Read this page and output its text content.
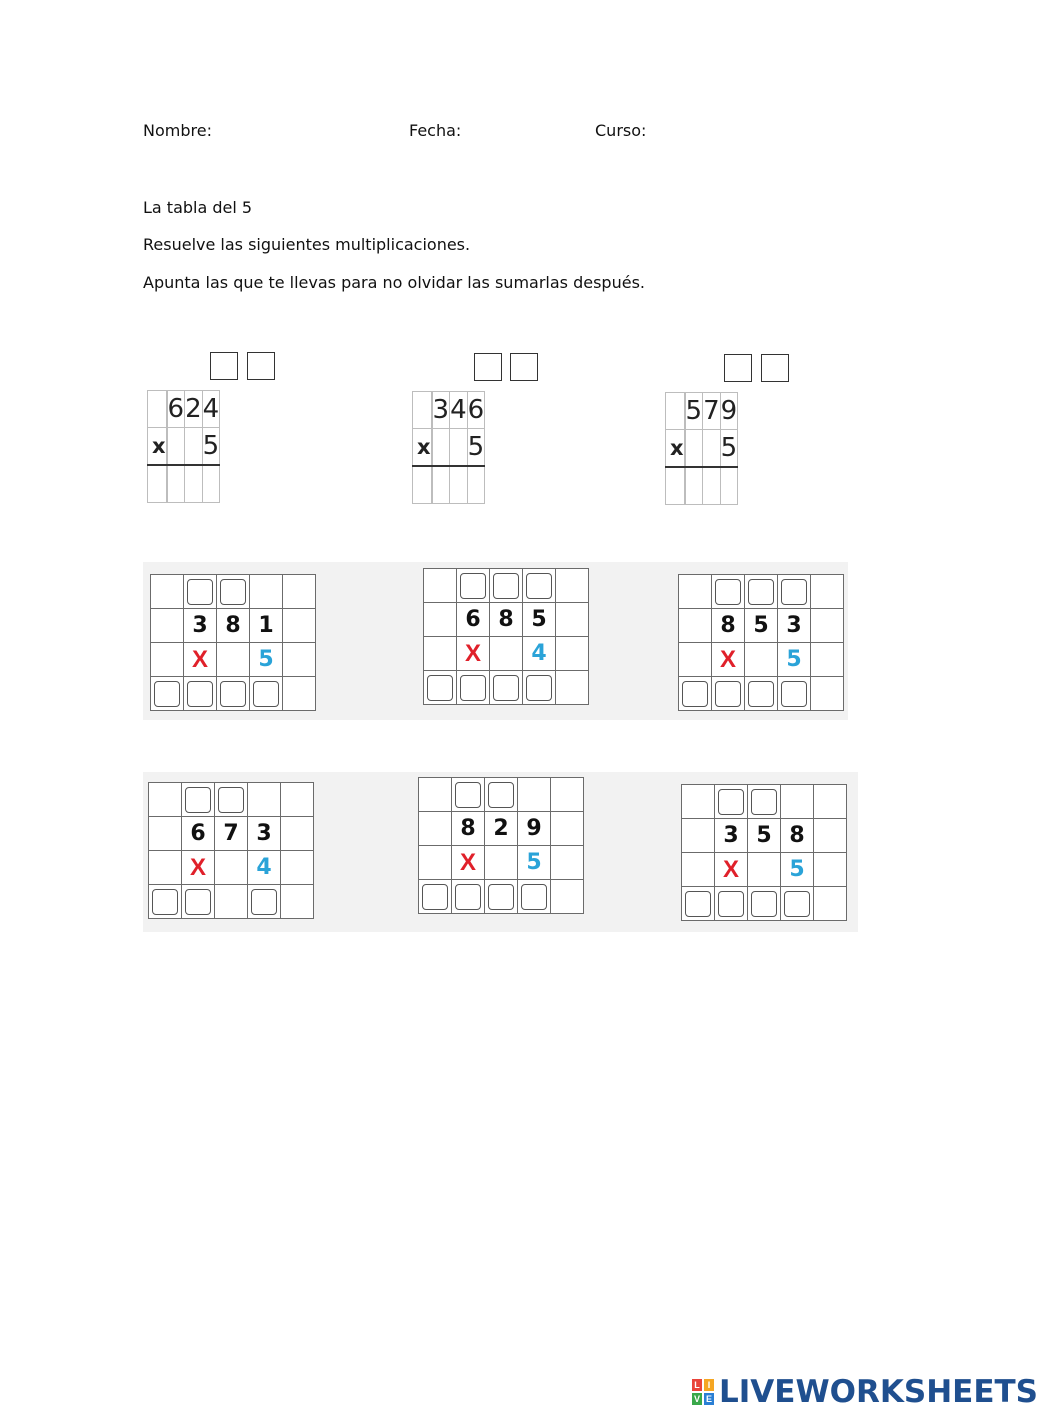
Nombre:	Fecha:	Curso:
La tabla del 5
Resuelve las siguientes multiplicaciones.
Apunta las que te llevas para no olvidar las sumarlas después.
		6	2	4
x				5

		3	4	6
x				5

		5	7	9
x				5

	3	8	1	
	X		5	

	6	8	5	
	X		4	

	8	5	3	
	X		5	

	6	7	3	
	X		4	

	8	2	9	
	X		5	

	3	5	8	
	X		5	

L I
V E LIVEWORKSHEETS
